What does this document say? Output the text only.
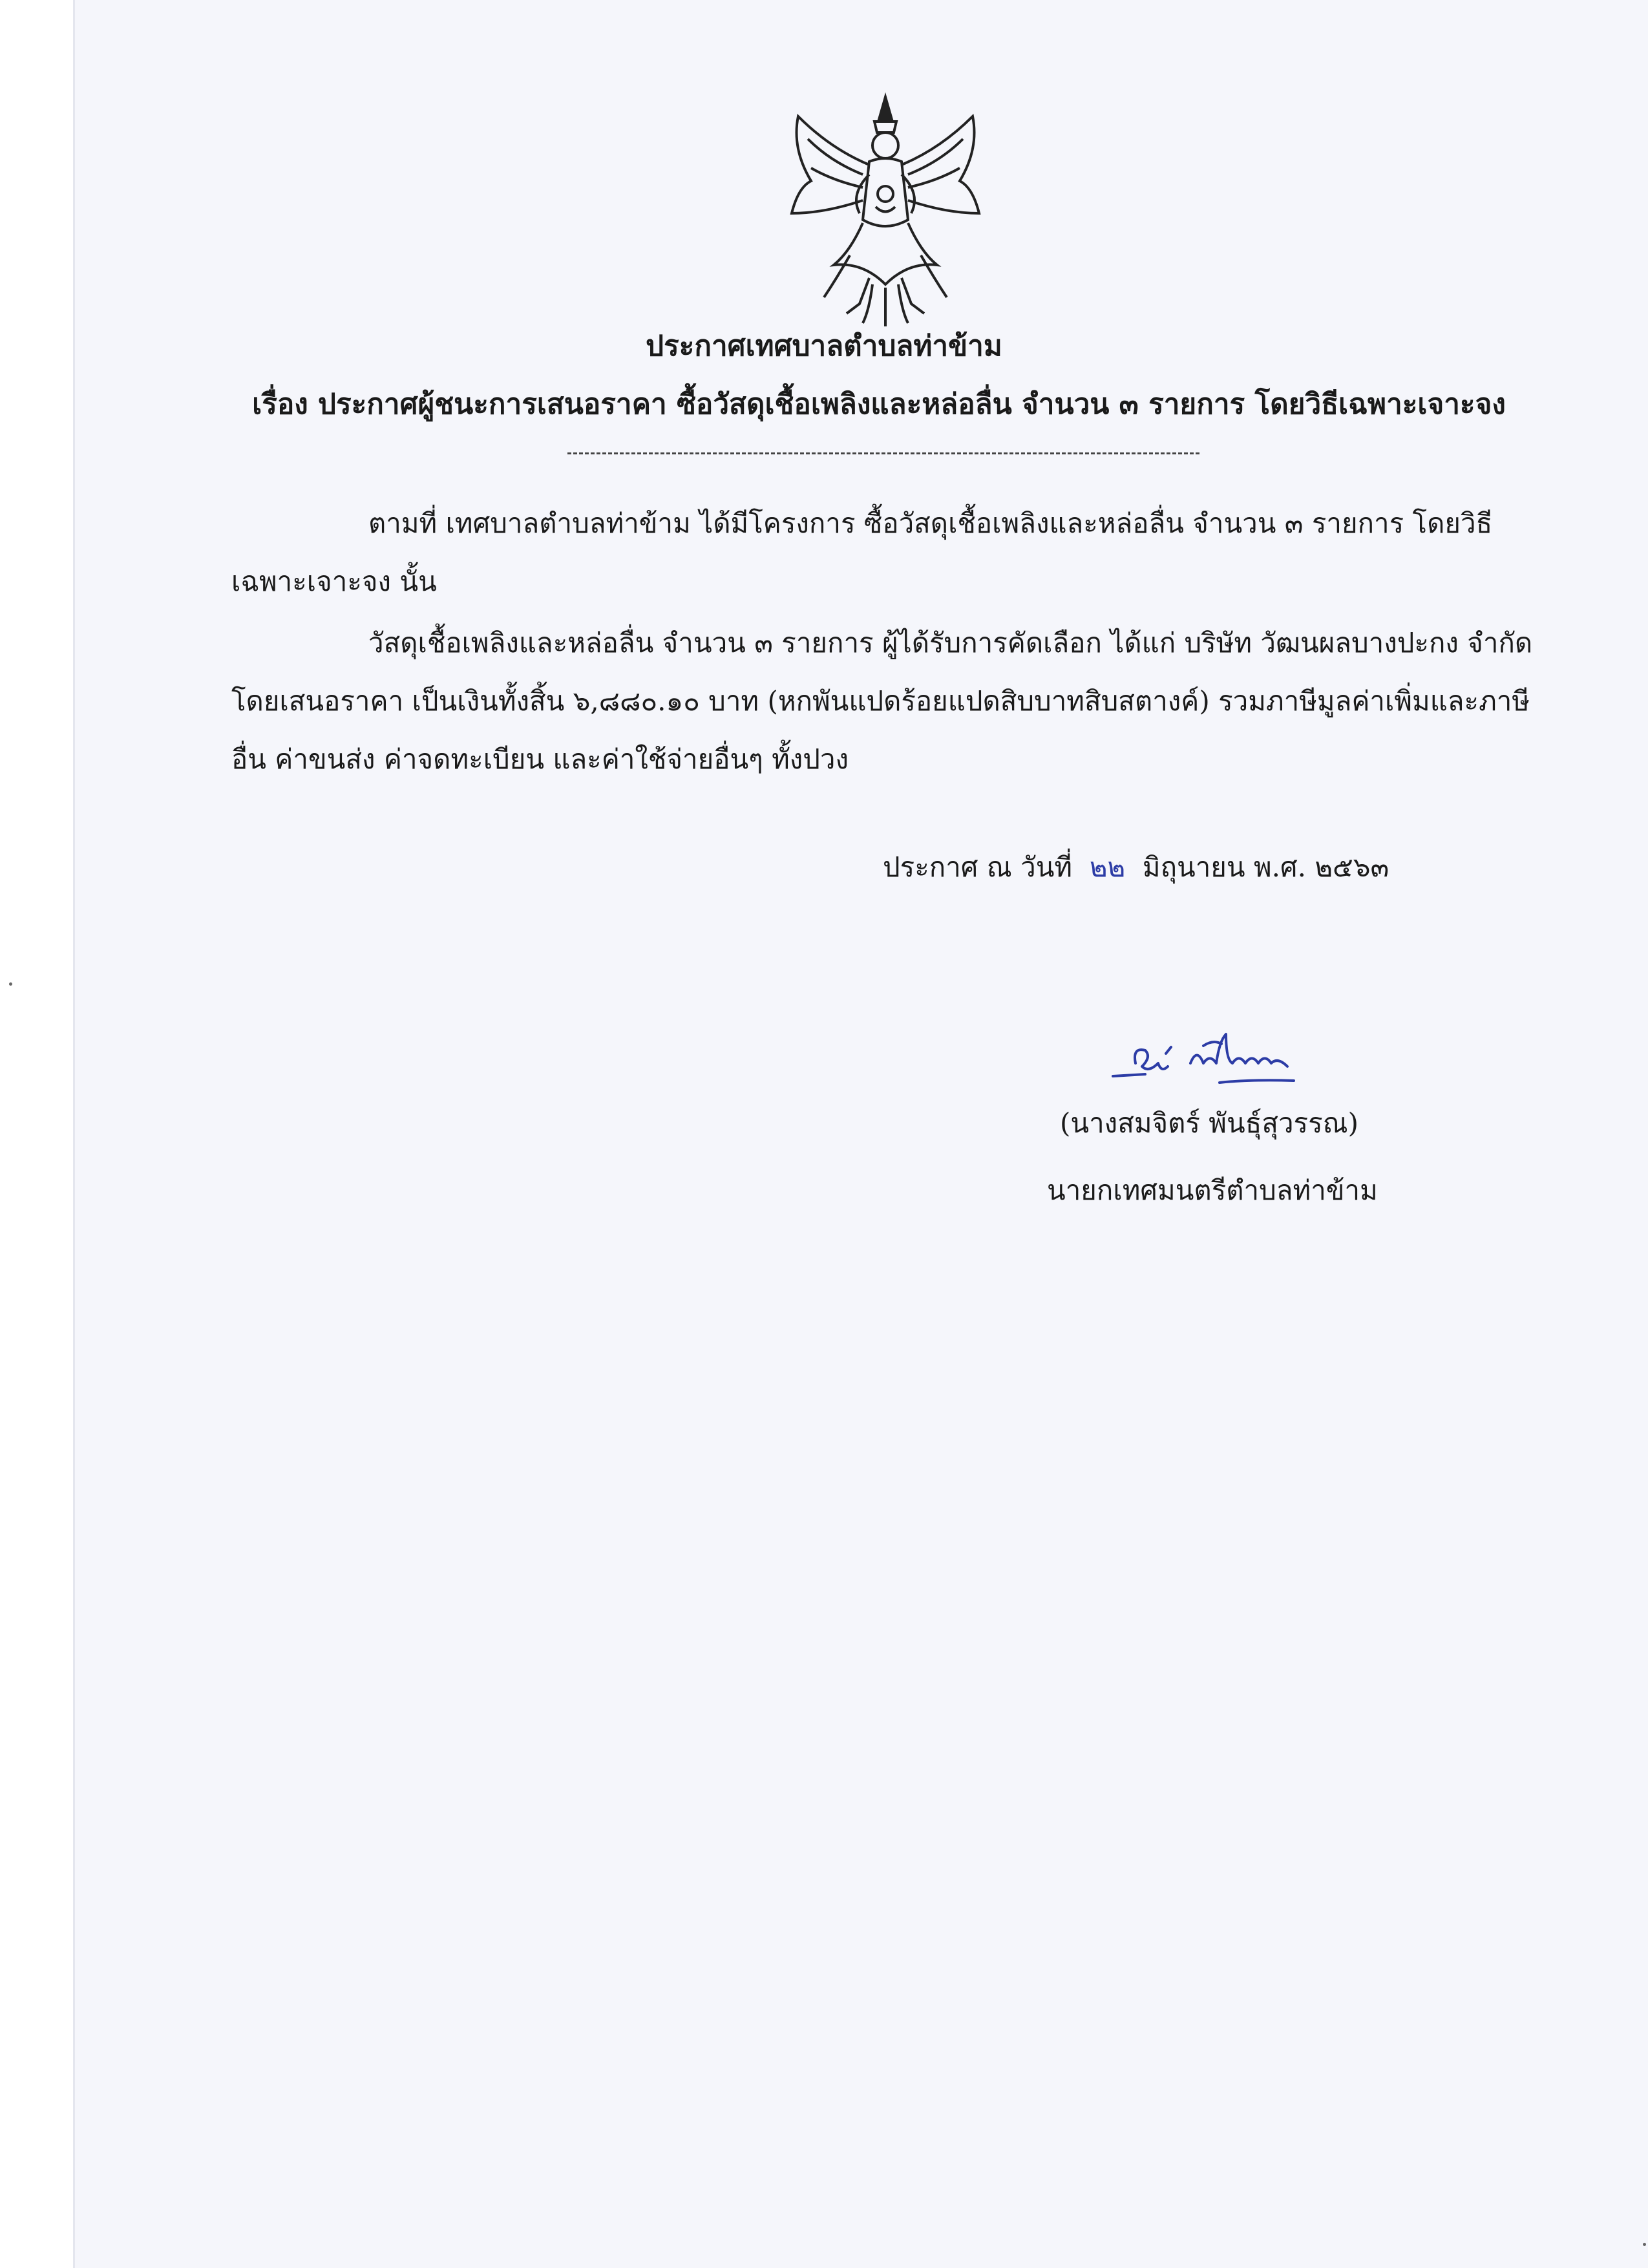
ประกาศเทศบาลตำบลท่าข้าม
เรื่อง ประกาศผู้ชนะการเสนอราคา ซื้อวัสดุเชื้อเพลิงและหล่อลื่น จำนวน ๓ รายการ โดยวิธีเฉพาะเจาะจง
ตามที่ เทศบาลตำบลท่าข้าม ได้มีโครงการ ซื้อวัสดุเชื้อเพลิงและหล่อลื่น จำนวน ๓ รายการ โดยวิธีเฉพาะเจาะจง นั้น
วัสดุเชื้อเพลิงและหล่อลื่น จำนวน ๓ รายการ ผู้ได้รับการคัดเลือก ได้แก่ บริษัท วัฒนผลบางปะกง จำกัด โดยเสนอราคา เป็นเงินทั้งสิ้น ๖,๘๘๐.๑๐ บาท (หกพันแปดร้อยแปดสิบบาทสิบสตางค์) รวมภาษีมูลค่าเพิ่มและภาษีอื่น ค่าขนส่ง ค่าจดทะเบียน และค่าใช้จ่ายอื่นๆ ทั้งปวง
ประกาศ ณ วันที่ ๒๒ มิถุนายน พ.ศ. ๒๕๖๓
(นางสมจิตร์ พันธุ์สุวรรณ)
นายกเทศมนตรีตำบลท่าข้าม
